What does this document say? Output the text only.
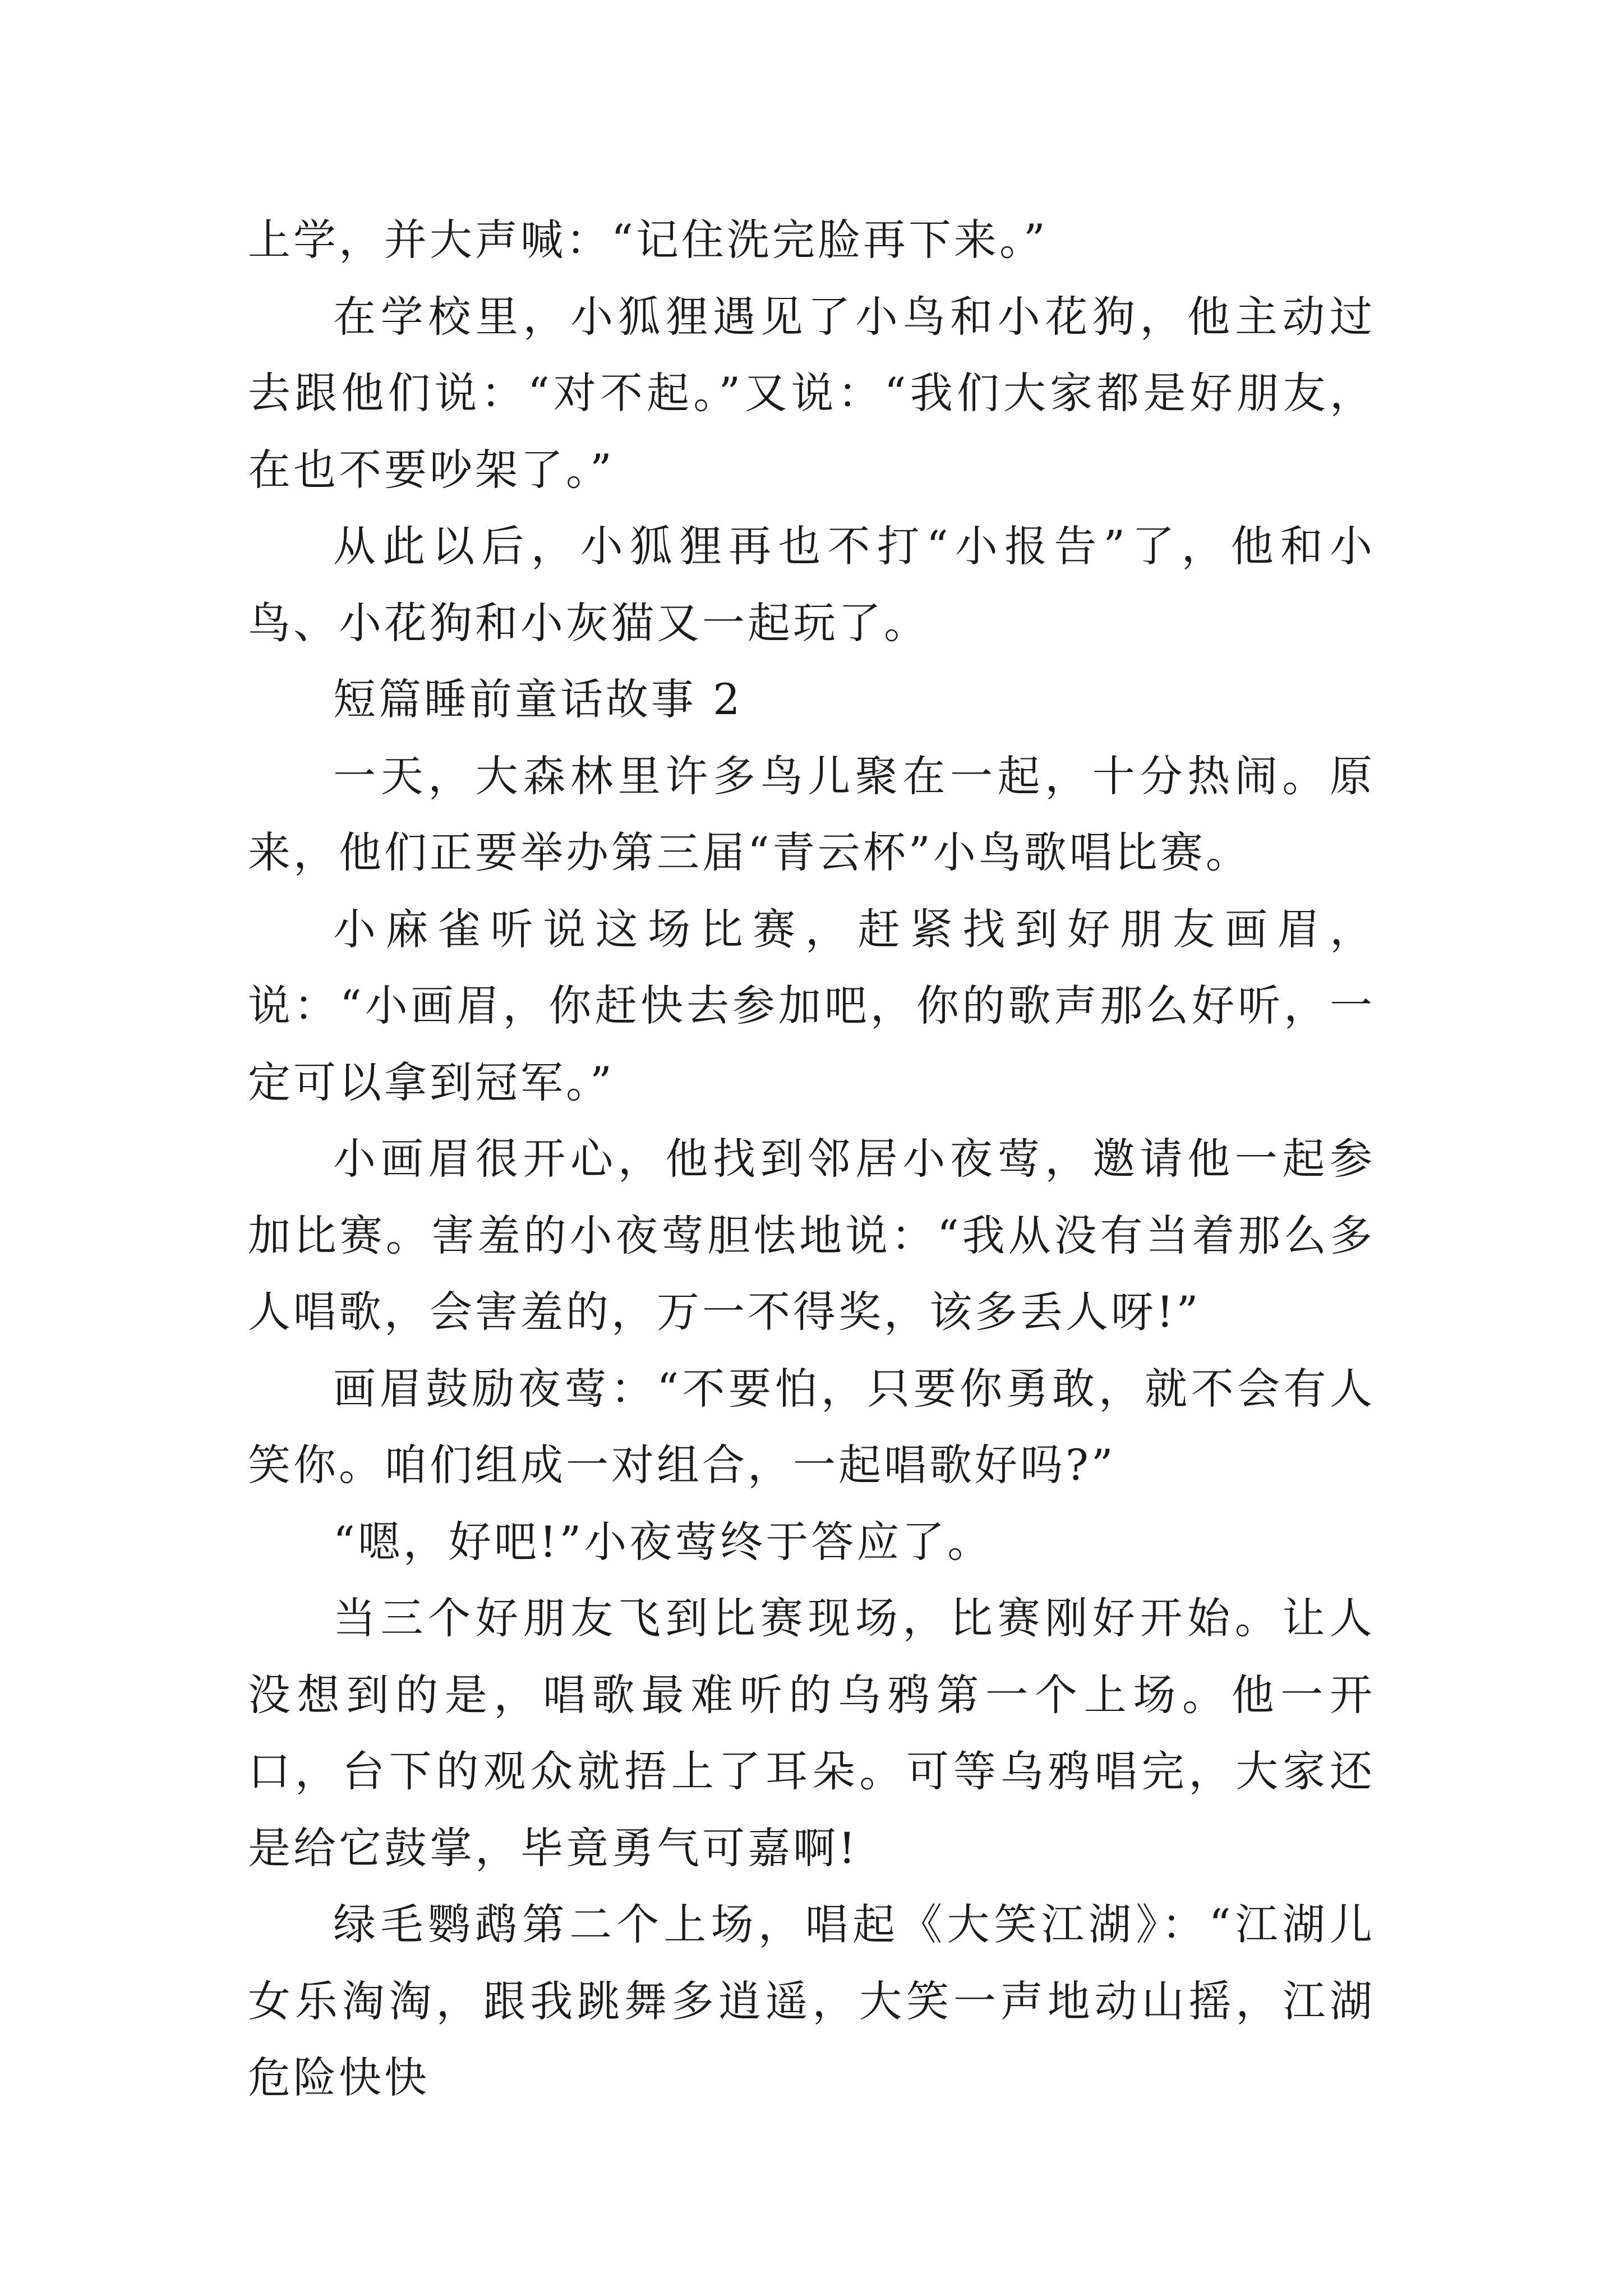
上学，并大声喊：“记住洗完脸再下来。”

在学校里，小狐狸遇见了小鸟和小花狗，他主动过去跟他们说：“对不起。”又说：“我们大家都是好朋友，在也不要吵架了。”

从此以后，小狐狸再也不打“小报告”了，他和小鸟、小花狗和小灰猫又一起玩了。

短篇睡前童话故事 2

一天，大森林里许多鸟儿聚在一起，十分热闹。原来，他们正要举办第三届“青云杯”小鸟歌唱比赛。

小麻雀听说这场比赛，赶紧找到好朋友画眉，说：“小画眉，你赶快去参加吧，你的歌声那么好听，一定可以拿到冠军。”

小画眉很开心，他找到邻居小夜莺，邀请他一起参加比赛。害羞的小夜莺胆怯地说：“我从没有当着那么多人唱歌，会害羞的，万一不得奖，该多丢人呀!”

画眉鼓励夜莺：“不要怕，只要你勇敢，就不会有人笑你。咱们组成一对组合，一起唱歌好吗?”

“嗯，好吧!”小夜莺终于答应了。

当三个好朋友飞到比赛现场，比赛刚好开始。让人没想到的是，唱歌最难听的乌鸦第一个上场。他一开口，台下的观众就捂上了耳朵。可等乌鸦唱完，大家还是给它鼓掌，毕竟勇气可嘉啊!

绿毛鹦鹉第二个上场，唱起《大笑江湖》：“江湖儿女乐淘淘，跟我跳舞多逍遥，大笑一声地动山摇，江湖危险快快
